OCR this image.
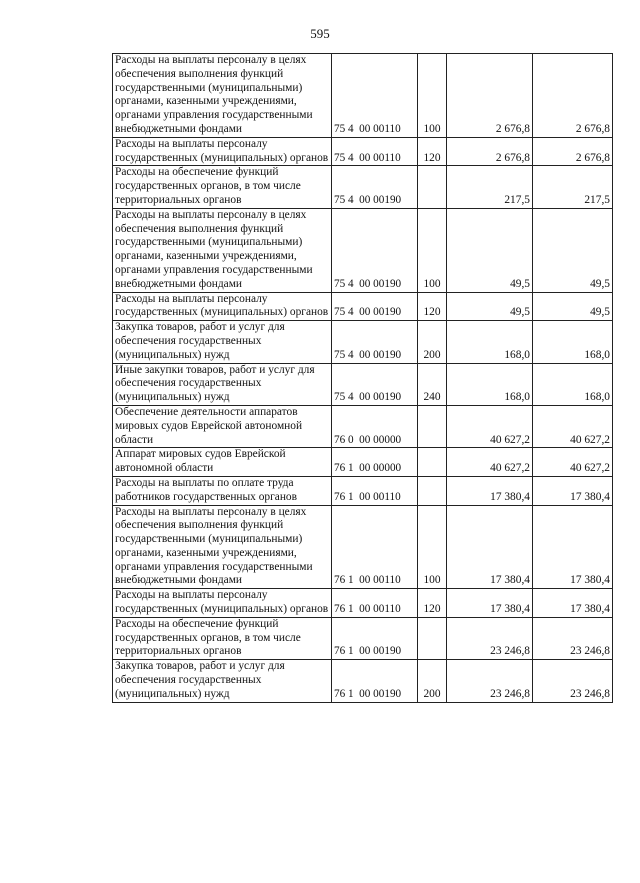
595
Расходы на выплаты персоналу в целях обеспечения выполнения функций государственными (муниципальными) органами, казенными учреждениями, органами управления государственными внебюджетными фондами	75 4  00 00110	100	2 676,8	2 676,8
Расходы на выплаты персоналу государственных (муниципальных) органов	75 4  00 00110	120	2 676,8	2 676,8
Расходы на обеспечение функций государственных органов, в том числе территориальных органов	75 4  00 00190		217,5	217,5
Расходы на выплаты персоналу в целях обеспечения выполнения функций государственными (муниципальными) органами, казенными учреждениями, органами управления государственными внебюджетными фондами	75 4  00 00190	100	49,5	49,5
Расходы на выплаты персоналу государственных (муниципальных) органов	75 4  00 00190	120	49,5	49,5
Закупка товаров, работ и услуг для обеспечения государственных (муниципальных) нужд	75 4  00 00190	200	168,0	168,0
Иные закупки товаров, работ и услуг для обеспечения государственных (муниципальных) нужд	75 4  00 00190	240	168,0	168,0
Обеспечение деятельности аппаратов мировых судов Еврейской автономной области	76 0  00 00000		40 627,2	40 627,2
Аппарат мировых судов Еврейской автономной области	76 1  00 00000		40 627,2	40 627,2
Расходы на выплаты по оплате труда работников государственных органов	76 1  00 00110		17 380,4	17 380,4
Расходы на выплаты персоналу в целях обеспечения выполнения функций государственными (муниципальными) органами, казенными учреждениями, органами управления государственными внебюджетными фондами	76 1  00 00110	100	17 380,4	17 380,4
Расходы на выплаты персоналу государственных (муниципальных) органов	76 1  00 00110	120	17 380,4	17 380,4
Расходы на обеспечение функций государственных органов, в том числе территориальных органов	76 1  00 00190		23 246,8	23 246,8
Закупка товаров, работ и услуг для обеспечения государственных (муниципальных) нужд	76 1  00 00190	200	23 246,8	23 246,8
